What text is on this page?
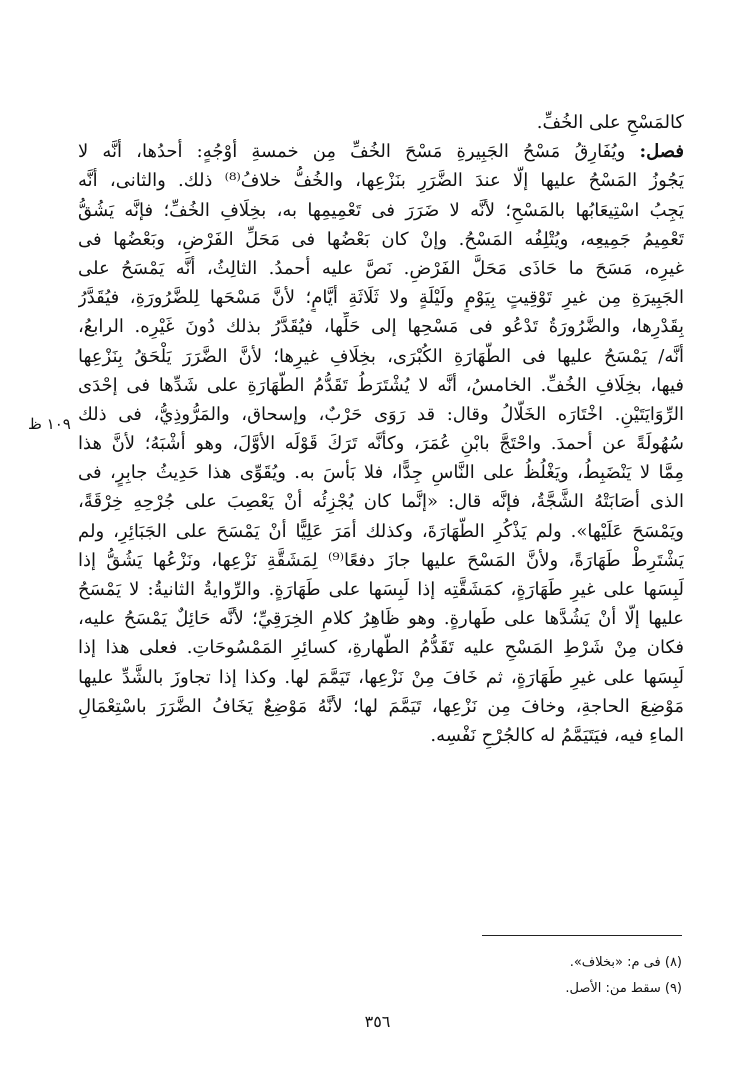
كالمَسْحِ على الخُفِّ.
فصل: ويُفَارِقُ مَسْحُ الجَبِيرةِ مَسْحَ الخُفِّ مِن خمسةِ أوْجُهٍ: أحدُها، أنَّه لا
يَجُوزُ المَسْحُ عليها إلَّا عندَ الضَّرَرِ بنَزْعِها، والخُفُّ خلافُ⁽⁸⁾ ذلك. والثانى، أنَّه
يَجِبُ اسْتِيعَابُها بالمَسْحِ؛ لأنَّه لا ضَرَرَ فى تَعْمِيمِها به، بخِلَافِ الخُفِّ؛ فإنَّه يَشُقُّ
تَعْمِيمُ جَمِيعِه، ويُتْلِفُه المَسْحُ. وإنْ كان بَعْضُها فى مَحَلِّ الفَرْضِ، وبَعْضُها فى
غيرِه، مَسَحَ ما حَاذَى مَحَلَّ الفَرْضِ. نَصَّ عليه أحمدُ. الثالِثُ، أنَّه يَمْسَحُ على
الجَبِيرَةِ مِن غيرِ تَوْقِيتٍ بِيَوْمٍ ولَيْلَةٍ ولا ثَلَاثَةِ أيَّامٍ؛ لأنَّ مَسْحَها لِلضَّرُورَةِ، فيُقَدَّرُ
بِقَدْرِها، والضَّرُورَةُ تَدْعُو فى مَسْحِها إلى حَلِّها، فيُقَدَّرُ بذلك دُونَ غَيْرِه. الرابعُ،
أنَّه/ يَمْسَحُ عليها فى الطَّهَارَةِ الكُبْرَى، بخِلَافِ غيرِها؛ لأنَّ الضَّرَرَ يَلْحَقُ بِنَزْعِها
فيها، بخِلَافِ الخُفِّ. الخامسُ، أنَّه لا يُشْتَرَطُ تَقَدُّمُ الطَّهَارَةِ على شَدِّها فى إحْدَى
الرِّوَايَتَيْنِ. اخْتَارَه الخَلَّالُ وقال: قد رَوَى حَرْبٌ، وإسحاق، والمَرُّوذِيُّ، فى ذلك
سُهُولَةً عن أحمدَ. واحْتَجَّ بابْنِ عُمَرَ، وكأنَّه تَرَكَ قَوْلَه الأوَّلَ، وهو أشْبَهُ؛ لأنَّ هذا
مِمَّا لا يَنْضَبِطُ، ويَغْلُظُ على النَّاسِ جِدًّا، فلا بَأْسَ به. ويُقَوِّى هذا حَدِيثُ جابِرٍ، فى
الذى أصَابَتْهُ الشَّجَّةُ، فإنَّه قال: «إنَّما كان يُجْزِئُه أنْ يَعْصِبَ على جُرْحِهِ خِرْقَةً،
ويَمْسَحَ عَلَيْها». ولم يَذْكُرِ الطَّهَارَةَ، وكذلك أمَرَ عَلِيًّا أنْ يَمْسَحَ على الجَبَائِرِ، ولم
يَشْتَرِطْ طَهَارَةً، ولأنَّ المَسْحَ عليها جازَ دفعًا⁽⁹⁾ لِمَشَقَّةِ نَزْعِها، ونَزْعُها يَشُقُّ إذا
لَبِسَها على غيرِ طَهَارَةٍ، كمَشَقَّتِه إذا لَبِسَها على طَهَارَةٍ. والرِّوايةُ الثانيةُ: لا يَمْسَحُ
عليها إلَّا أنْ يَشُدَّها على طَهارةٍ. وهو ظَاهِرُ كلامِ الخِرَقِيِّ؛ لأنَّه حَائِلٌ يَمْسَحُ عليه،
فكان مِنْ شَرْطِ المَسْحِ عليه تَقَدُّمُ الطَّهارةِ، كسائِرِ المَمْسُوحَاتِ. فعلى هذا إذا
لَبِسَها على غيرِ طَهَارَةٍ، ثم خَافَ مِنْ نَزْعِها، تَيَمَّمَ لها. وكذا إذا تجاوزَ بالشَّدِّ عليها
مَوْضِعَ الحاجةِ، وخافَ مِن نَزْعِها، تَيَمَّمَ لها؛ لأنَّهُ مَوْضِعٌ يَخَافُ الضَّرَرَ باسْتِعْمَالِ
الماءِ فيه، فيَتَيَمَّمُ له كالجُرْحِ نَفْسِه.
١٠٩ ظ
(٨) فى م: «بخلاف».
(٩) سقط من: الأصل.
٣٥٦
